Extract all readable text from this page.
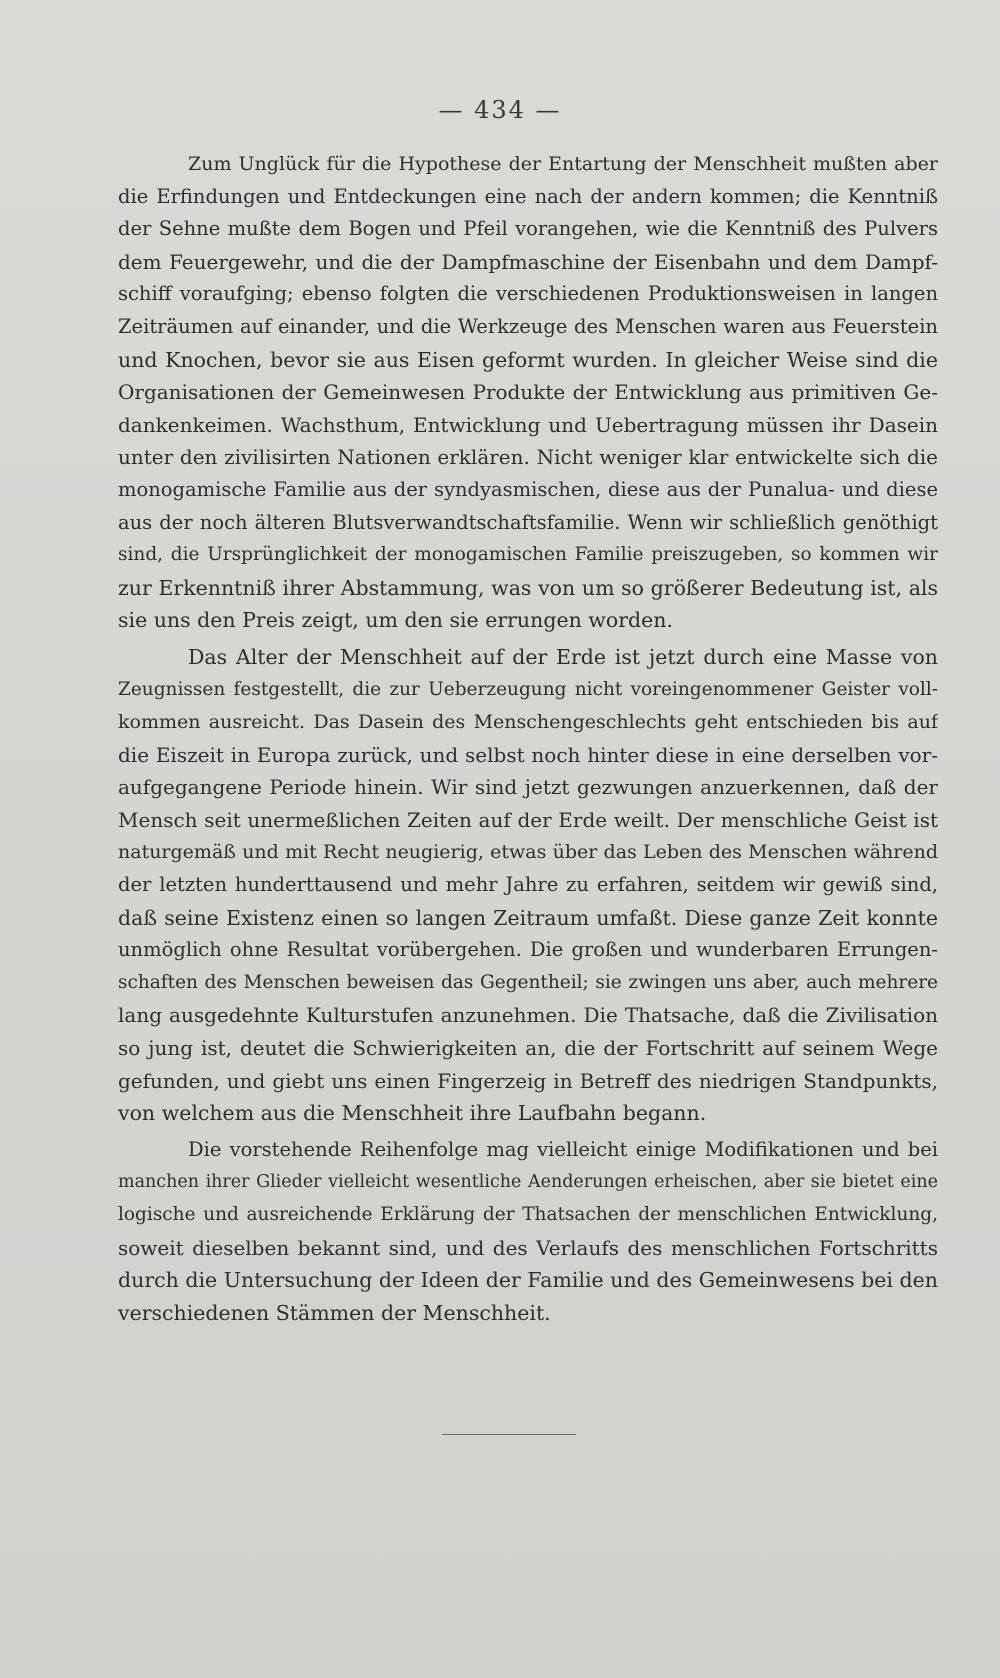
— 434 —
Zum Unglück für die Hypothese der Entartung der Menschheit mußten aber
die Erfindungen und Entdeckungen eine nach der andern kommen; die Kenntniß
der Sehne mußte dem Bogen und Pfeil vorangehen, wie die Kenntniß des Pulvers
dem Feuergewehr, und die der Dampfmaschine der Eisenbahn und dem Dampf-
schiff voraufging; ebenso folgten die verschiedenen Produktionsweisen in langen
Zeiträumen auf einander, und die Werkzeuge des Menschen waren aus Feuerstein
und Knochen, bevor sie aus Eisen geformt wurden. In gleicher Weise sind die
Organisationen der Gemeinwesen Produkte der Entwicklung aus primitiven Ge-
dankenkeimen. Wachsthum, Entwicklung und Uebertragung müssen ihr Dasein
unter den zivilisirten Nationen erklären. Nicht weniger klar entwickelte sich die
monogamische Familie aus der syndyasmischen, diese aus der Punalua- und diese
aus der noch älteren Blutsverwandtschaftsfamilie. Wenn wir schließlich genöthigt
sind, die Ursprünglichkeit der monogamischen Familie preiszugeben, so kommen wir
zur Erkenntniß ihrer Abstammung, was von um so größerer Bedeutung ist, als
sie uns den Preis zeigt, um den sie errungen worden.
Das Alter der Menschheit auf der Erde ist jetzt durch eine Masse von
Zeugnissen festgestellt, die zur Ueberzeugung nicht voreingenommener Geister voll-
kommen ausreicht. Das Dasein des Menschengeschlechts geht entschieden bis auf
die Eiszeit in Europa zurück, und selbst noch hinter diese in eine derselben vor-
aufgegangene Periode hinein. Wir sind jetzt gezwungen anzuerkennen, daß der
Mensch seit unermeßlichen Zeiten auf der Erde weilt. Der menschliche Geist ist
naturgemäß und mit Recht neugierig, etwas über das Leben des Menschen während
der letzten hunderttausend und mehr Jahre zu erfahren, seitdem wir gewiß sind,
daß seine Existenz einen so langen Zeitraum umfaßt. Diese ganze Zeit konnte
unmöglich ohne Resultat vorübergehen. Die großen und wunderbaren Errungen-
schaften des Menschen beweisen das Gegentheil; sie zwingen uns aber, auch mehrere
lang ausgedehnte Kulturstufen anzunehmen. Die Thatsache, daß die Zivilisation
so jung ist, deutet die Schwierigkeiten an, die der Fortschritt auf seinem Wege
gefunden, und giebt uns einen Fingerzeig in Betreff des niedrigen Standpunkts,
von welchem aus die Menschheit ihre Laufbahn begann.
Die vorstehende Reihenfolge mag vielleicht einige Modifikationen und bei
manchen ihrer Glieder vielleicht wesentliche Aenderungen erheischen, aber sie bietet eine
logische und ausreichende Erklärung der Thatsachen der menschlichen Entwicklung,
soweit dieselben bekannt sind, und des Verlaufs des menschlichen Fortschritts
durch die Untersuchung der Ideen der Familie und des Gemeinwesens bei den
verschiedenen Stämmen der Menschheit.
